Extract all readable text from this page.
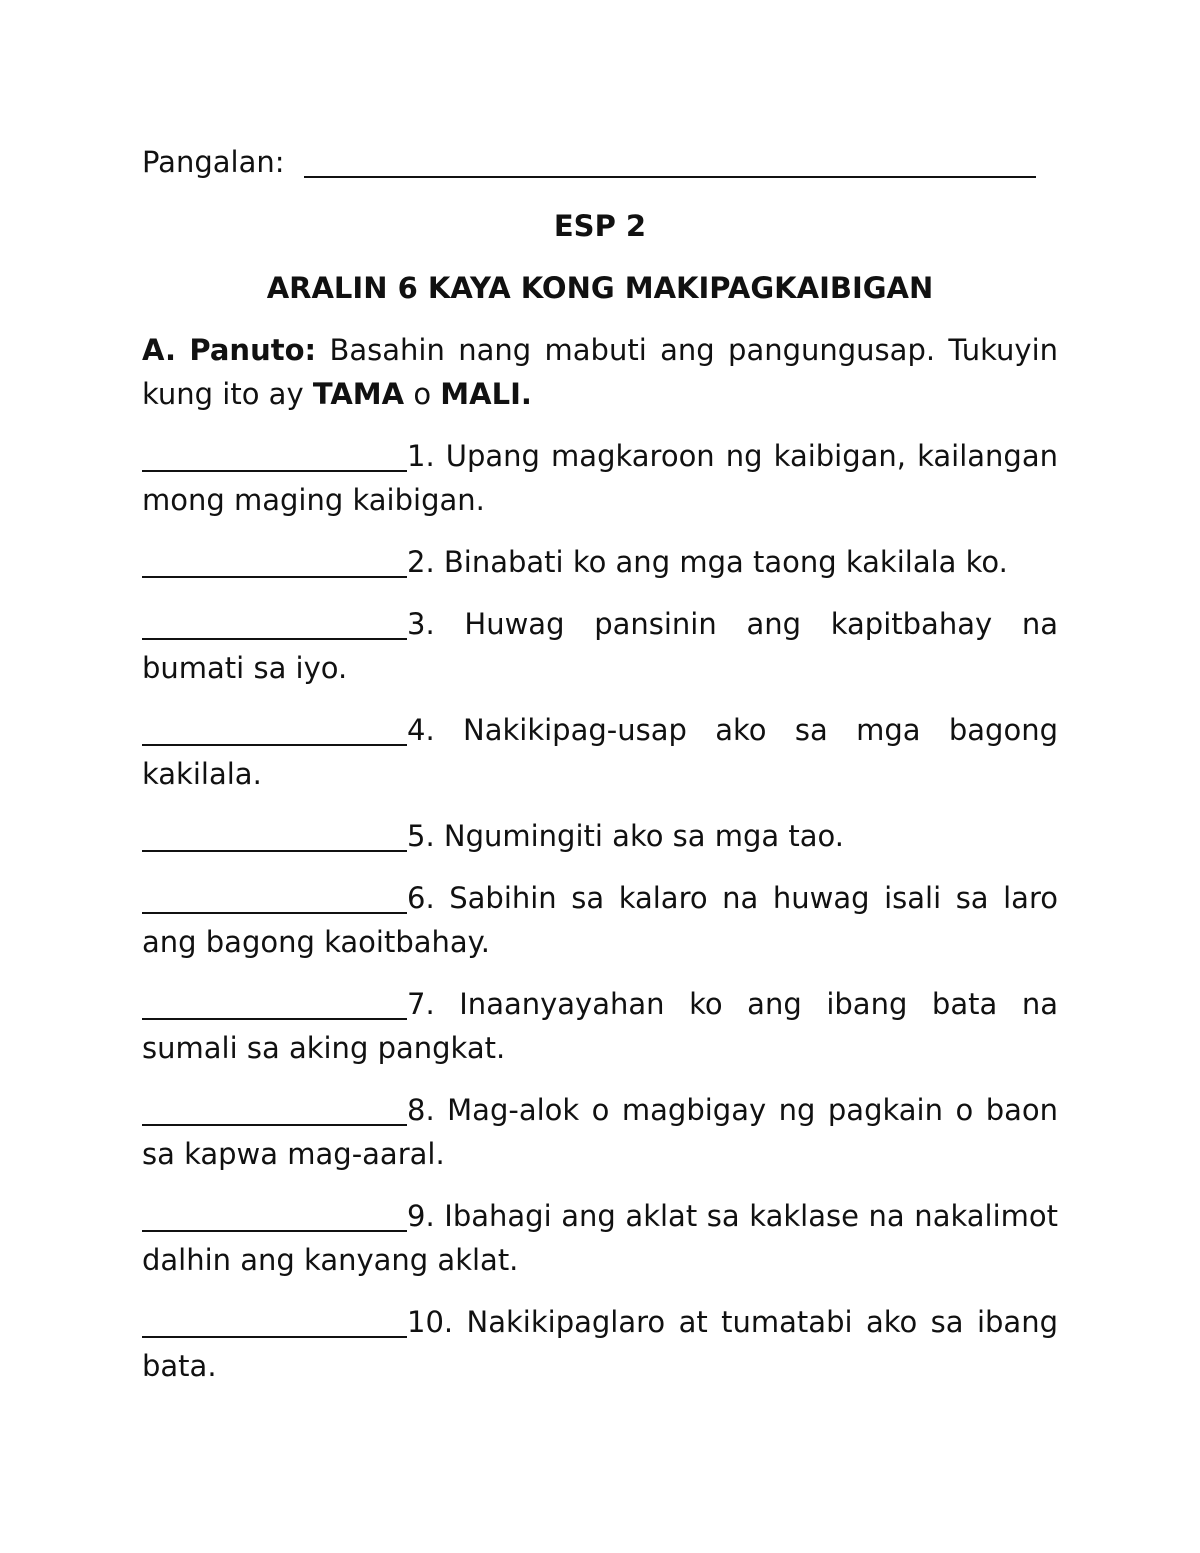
Pangalan:
ESP 2
ARALIN 6 KAYA KONG MAKIPAGKAIBIGAN
A. Panuto: Basahin nang mabuti ang pangungusap. Tukuyin kung ito ay TAMA o MALI.
1. Upang magkaroon ng kaibigan, kailangan mong maging kaibigan.
2. Binabati ko ang mga taong kakilala ko.
3. Huwag pansinin ang kapitbahay na bumati sa iyo.
4. Nakikipag-usap ako sa mga bagong kakilala.
5. Ngumingiti ako sa mga tao.
6. Sabihin sa kalaro na huwag isali sa laro ang bagong kaoitbahay.
7. Inaanyayahan ko ang ibang bata na sumali sa aking pangkat.
8. Mag-alok o magbigay ng pagkain o baon sa kapwa mag-aaral.
9. Ibahagi ang aklat sa kaklase na nakalimot dalhin ang kanyang aklat.
10. Nakikipaglaro at tumatabi ako sa ibang bata.
